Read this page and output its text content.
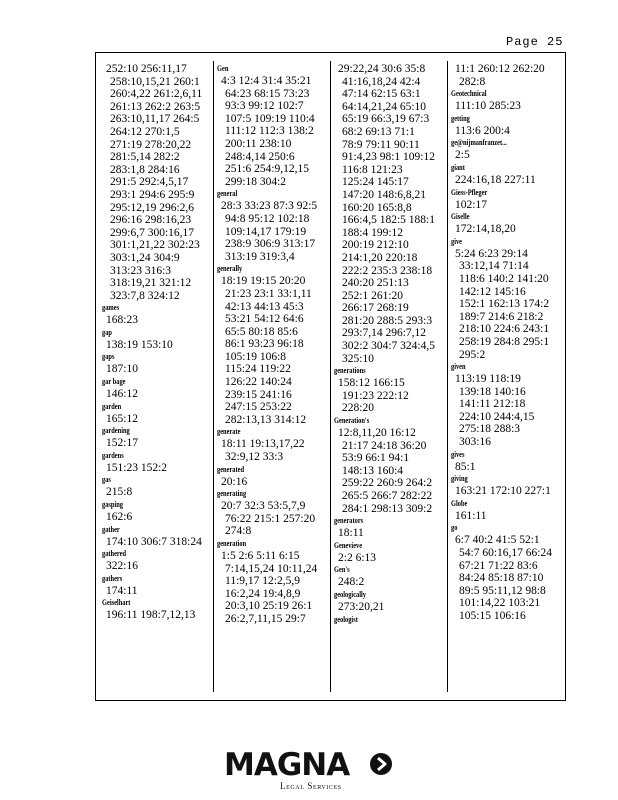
Page 25
252:10 256:11,17
258:10,15,21 260:1
260:4,22 261:2,6,11
261:13 262:2 263:5
263:10,11,17 264:5
264:12 270:1,5
271:19 278:20,22
281:5,14 282:2
283:1,8 284:16
291:5 292:4,5,17
293:1 294:6 295:9
295:12,19 296:2,6
296:16 298:16,23
299:6,7 300:16,17
301:1,21,22 302:23
303:1,24 304:9
313:23 316:3
318:19,21 321:12
323:7,8 324:12
games
168:23
gap
138:19 153:10
gaps
187:10
gar bage
146:12
garden
165:12
gardening
152:17
gardens
151:23 152:2
gas
215:8
gasping
162:6
gather
174:10 306:7 318:24
gathered
322:16
gathers
174:11
Geiselhart
196:11 198:7,12,13
Gen
4:3 12:4 31:4 35:21
64:23 68:15 73:23
93:3 99:12 102:7
107:5 109:19 110:4
111:12 112:3 138:2
200:11 238:10
248:4,14 250:6
251:6 254:9,12,15
299:18 304:2
general
28:3 33:23 87:3 92:5
94:8 95:12 102:18
109:14,17 179:19
238:9 306:9 313:17
313:19 319:3,4
generally
18:19 19:15 20:20
21:23 23:1 33:1,11
42:13 44:13 45:3
53:21 54:12 64:6
65:5 80:18 85:6
86:1 93:23 96:18
105:19 106:8
115:24 119:22
126:22 140:24
239:15 241:16
247:15 253:22
282:13,13 314:12
generate
18:11 19:13,17,22
32:9,12 33:3
generated
20:16
generating
20:7 32:3 53:5,7,9
76:22 215:1 257:20
274:8
generation
1:5 2:6 5:11 6:15
7:14,15,24 10:11,24
11:9,17 12:2,5,9
16:2,24 19:4,8,9
20:3,10 25:19 26:1
26:2,7,11,15 29:7
29:22,24 30:6 35:8
41:16,18,24 42:4
47:14 62:15 63:1
64:14,21,24 65:10
65:19 66:3,19 67:3
68:2 69:13 71:1
78:9 79:11 90:11
91:4,23 98:1 109:12
116:8 121:23
125:24 145:17
147:20 148:6,8,21
160:20 165:8,8
166:4,5 182:5 188:1
188:4 199:12
200:19 212:10
214:1,20 220:18
222:2 235:3 238:18
240:20 251:13
252:1 261:20
266:17 268:19
281:20 288:5 293:3
293:7,14 296:7,12
302:2 304:7 324:4,5
325:10
generations
158:12 166:15
191:23 222:12
228:20
Generation's
12:8,11,20 16:12
21:17 24:18 36:20
53:9 66:1 94:1
148:13 160:4
259:22 260:9 264:2
265:5 266:7 282:22
284:1 298:13 309:2
generators
18:11
Genevieve
2:2 6:13
Gen's
248:2
geologically
273:20,21
geologist
11:1 260:12 262:20
282:8
Geotechnical
111:10 285:23
getting
113:6 200:4
ge@nijmanfranzet...
2:5
giant
224:16,18 227:11
Giess-Pfleger
102:17
Giselle
172:14,18,20
give
5:24 6:23 29:14
33:12,14 71:14
118:6 140:2 141:20
142:12 145:16
152:1 162:13 174:2
189:7 214:6 218:2
218:10 224:6 243:1
258:19 284:8 295:1
295:2
given
113:19 118:19
139:18 140:16
141:11 212:18
224:10 244:4,15
275:18 288:3
303:16
gives
85:1
giving
163:21 172:10 227:1
Globe
161:11
go
6:7 40:2 41:5 52:1
54:7 60:16,17 66:24
67:21 71:22 83:6
84:24 85:18 87:10
89:5 95:11,12 98:8
101:14,22 103:21
105:15 106:16
MAGNA
Legal Services
